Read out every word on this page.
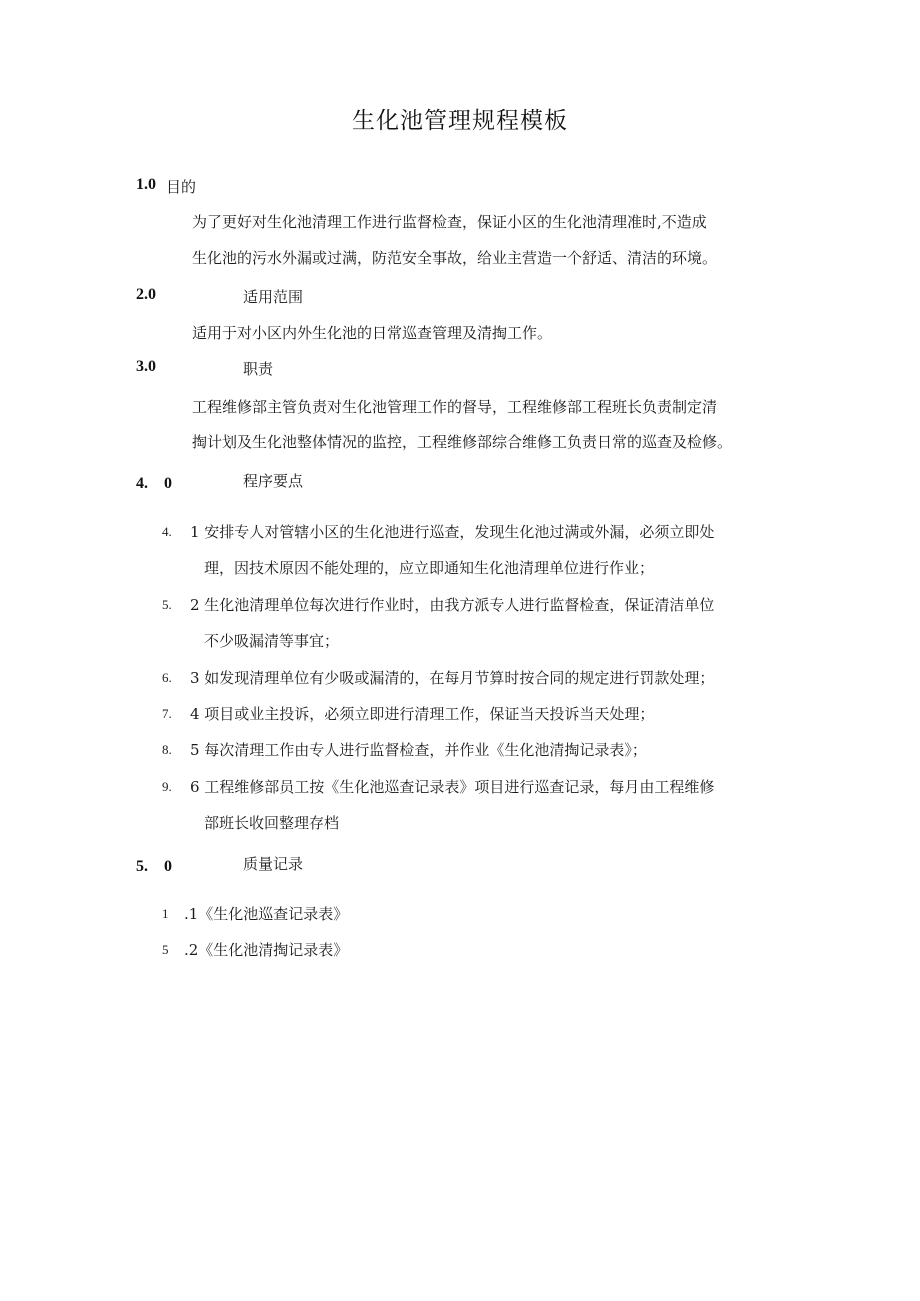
生化池管理规程模板
1.0 目的
为了更好对生化池清理工作进行监督检查，保证小区的生化池清理准时,不造成
生化池的污水外漏或过满，防范安全事故，给业主营造一个舒适、清洁的环境。
2.0	适用范围
适用于对小区内外生化池的日常巡查管理及清掏工作。
3.0	职责
工程维修部主管负责对生化池管理工作的督导，工程维修部工程班长负责制定清
掏计划及生化池整体情况的监控，工程维修部综合维修工负责日常的巡查及检修。
4.　0	程序要点
4. 1 安排专人对管辖小区的生化池进行巡查，发现生化池过满或外漏，必须立即处
理，因技术原因不能处理的，应立即通知生化池清理单位进行作业；
5. 2 生化池清理单位每次进行作业时，由我方派专人进行监督检查，保证清洁单位
不少吸漏清等事宜；
6. 3 如发现清理单位有少吸或漏清的，在每月节算时按合同的规定进行罚款处理；
7. 4 项目或业主投诉，必须立即进行清理工作，保证当天投诉当天处理；
8. 5 每次清理工作由专人进行监督检查，并作业《生化池清掏记录表》；
9. 6 工程维修部员工按《生化池巡查记录表》项目进行巡查记录，每月由工程维修
部班长收回整理存档
5.　0	质量记录
1 .1《生化池巡查记录表》
5 .2《生化池清掏记录表》
